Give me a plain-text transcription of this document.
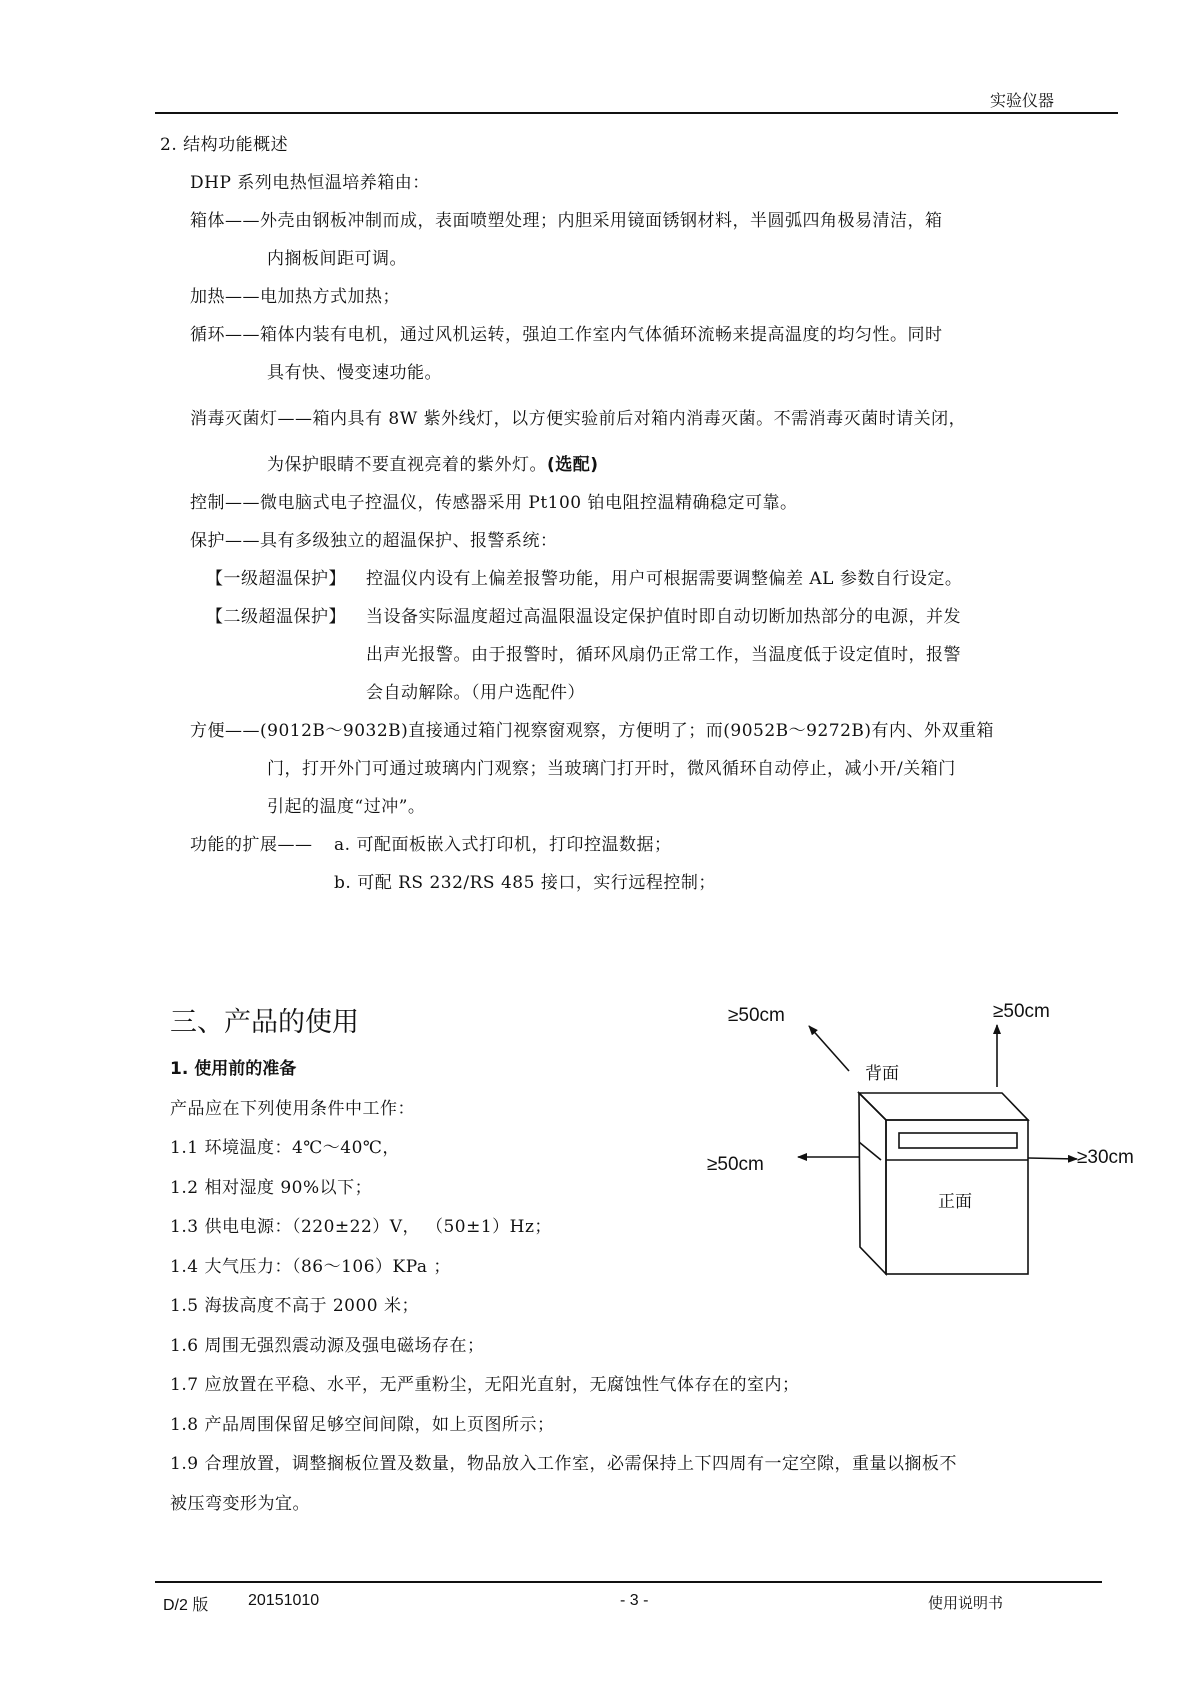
实验仪器
2. 结构功能概述
DHP 系列电热恒温培养箱由：
箱体——外壳由钢板冲制而成，表面喷塑处理；内胆采用镜面锈钢材料，半圆弧四角极易清洁，箱
内搁板间距可调。
加热——电加热方式加热；
循环——箱体内装有电机，通过风机运转，强迫工作室内气体循环流畅来提高温度的均匀性。同时
具有快、慢变速功能。
消毒灭菌灯——箱内具有 8W 紫外线灯，以方便实验前后对箱内消毒灭菌。不需消毒灭菌时请关闭，
为保护眼睛不要直视亮着的紫外灯。(选配)
控制——微电脑式电子控温仪，传感器采用 Pt100 铂电阻控温精确稳定可靠。
保护——具有多级独立的超温保护、报警系统：
【一级超温保护】 控温仪内设有上偏差报警功能，用户可根据需要调整偏差 AL 参数自行设定。
【二级超温保护】 当设备实际温度超过高温限温设定保护值时即自动切断加热部分的电源，并发
出声光报警。由于报警时，循环风扇仍正常工作，当温度低于设定值时，报警
会自动解除。（用户选配件）
方便——(9012B～9032B)直接通过箱门视察窗观察，方便明了；而(9052B～9272B)有内、外双重箱
门，打开外门可通过玻璃内门观察；当玻璃门打开时，微风循环自动停止，减小开/关箱门
引起的温度“过冲”。
功能的扩展—— a. 可配面板嵌入式打印机，打印控温数据；
b. 可配 RS 232/RS 485 接口，实行远程控制；
三、产品的使用
1. 使用前的准备
产品应在下列使用条件中工作：
1.1 环境温度：4℃～40℃，
1.2 相对湿度 90%以下；
1.3 供电电源：（220±22）V， （50±1）Hz；
1.4 大气压力：（86～106）KPa ；
1.5 海拔高度不高于 2000 米；
1.6 周围无强烈震动源及强电磁场存在；
1.7 应放置在平稳、水平，无严重粉尘，无阳光直射，无腐蚀性气体存在的室内；
1.8 产品周围保留足够空间间隙，如上页图所示；
1.9 合理放置，调整搁板位置及数量，物品放入工作室，必需保持上下四周有一定空隙，重量以搁板不
被压弯变形为宜。
≥50cm	≥50cm
≥50cm	≥30cm
背面
正面
D/2 版 20151010	- 3 -	使用说明书
